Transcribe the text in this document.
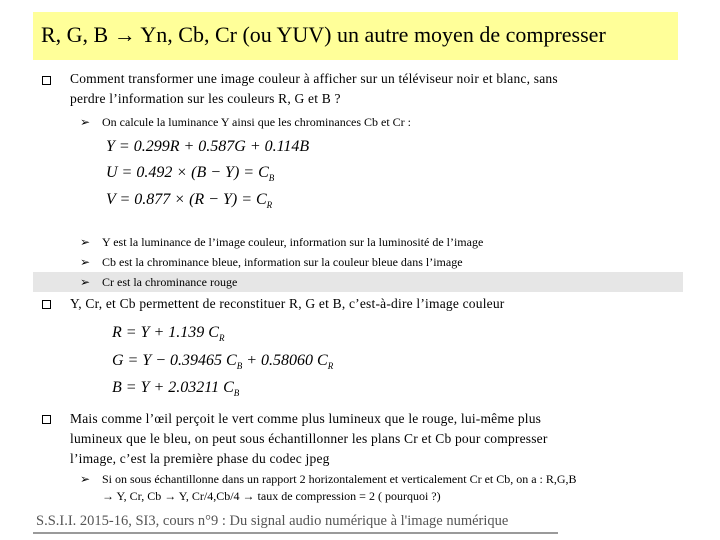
R, G, B → Yn, Cb, Cr (ou YUV) un autre moyen de compresser
Comment transformer une image couleur à afficher sur un téléviseur noir et blanc, sans
perdre l’information sur les couleurs R, G et B ?
➢ On calcule la luminance Y ainsi que les chrominances Cb et Cr :
Y = 0.299R + 0.587G + 0.114B
$U = 0.492 \times (B - Y) = C_B$
$V = 0.877 \times (R - Y) = C_R$
➢ Y est la luminance de l’image couleur, information sur la luminosité de l’image
➢ Cb est la chrominance bleue, information sur la couleur bleue dans l’image
➢ Cr est la chrominance rouge
Y, Cr, et Cb permettent de reconstituer R, G et B, c’est-à-dire l’image couleur
R = Y + 1.139 $C_R$
G = Y − 0.39465 $C_B + 0.58060$ $C_R$
B = Y + 2.03211 $C_B$
Mais comme l’œil perçoit le vert comme plus lumineux que le rouge, lui-même plus
lumineux que le bleu, on peut sous échantillonner les plans Cr et Cb pour compresser
l’image, c’est la première phase du codec jpeg
➢ Si on sous échantillonne dans un rapport 2 horizontalement et verticalement Cr et Cb, on a : R,G,B
→ Y, Cr, Cb → Y, Cr/4,Cb/4 → taux de compression = 2 ( pourquoi ?)
S.S.I.I. 2015-16, SI3, cours n°9 : Du signal audio numérique à l'image numérique
